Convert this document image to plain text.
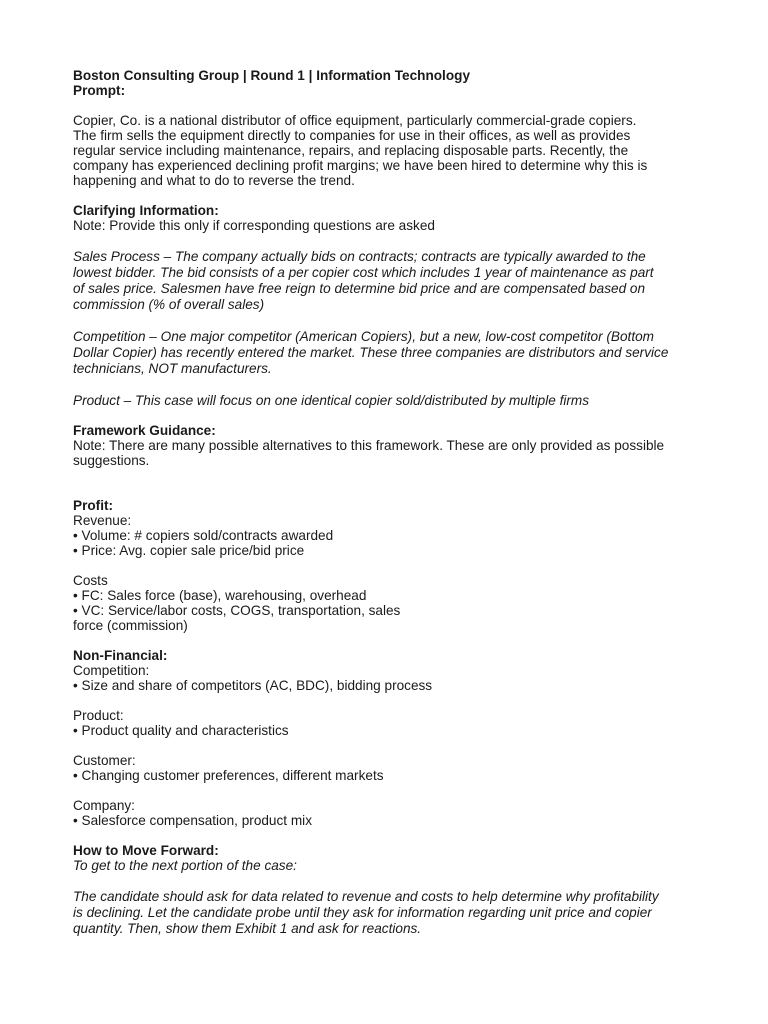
Boston Consulting Group | Round 1 | Information Technology
Prompt:
Copier, Co. is a national distributor of office equipment, particularly commercial-grade copiers.
The firm sells the equipment directly to companies for use in their offices, as well as provides
regular service including maintenance, repairs, and replacing disposable parts. Recently, the
company has experienced declining profit margins; we have been hired to determine why this is
happening and what to do to reverse the trend.
Clarifying Information:
Note: Provide this only if corresponding questions are asked
Sales Process – The company actually bids on contracts; contracts are typically awarded to the
lowest bidder. The bid consists of a per copier cost which includes 1 year of maintenance as part
of sales price. Salesmen have free reign to determine bid price and are compensated based on
commission (% of overall sales)
Competition – One major competitor (American Copiers), but a new, low-cost competitor (Bottom
Dollar Copier) has recently entered the market. These three companies are distributors and service
technicians, NOT manufacturers.
Product – This case will focus on one identical copier sold/distributed by multiple firms
Framework Guidance:
Note: There are many possible alternatives to this framework. These are only provided as possible
suggestions.
Profit:
Revenue:
• Volume: # copiers sold/contracts awarded
• Price: Avg. copier sale price/bid price
Costs
• FC: Sales force (base), warehousing, overhead
• VC: Service/labor costs, COGS, transportation, sales
force (commission)
Non-Financial:
Competition:
• Size and share of competitors (AC, BDC), bidding process
Product:
• Product quality and characteristics
Customer:
• Changing customer preferences, different markets
Company:
• Salesforce compensation, product mix
How to Move Forward:
To get to the next portion of the case:
The candidate should ask for data related to revenue and costs to help determine why profitability
is declining. Let the candidate probe until they ask for information regarding unit price and copier
quantity. Then, show them Exhibit 1 and ask for reactions.
